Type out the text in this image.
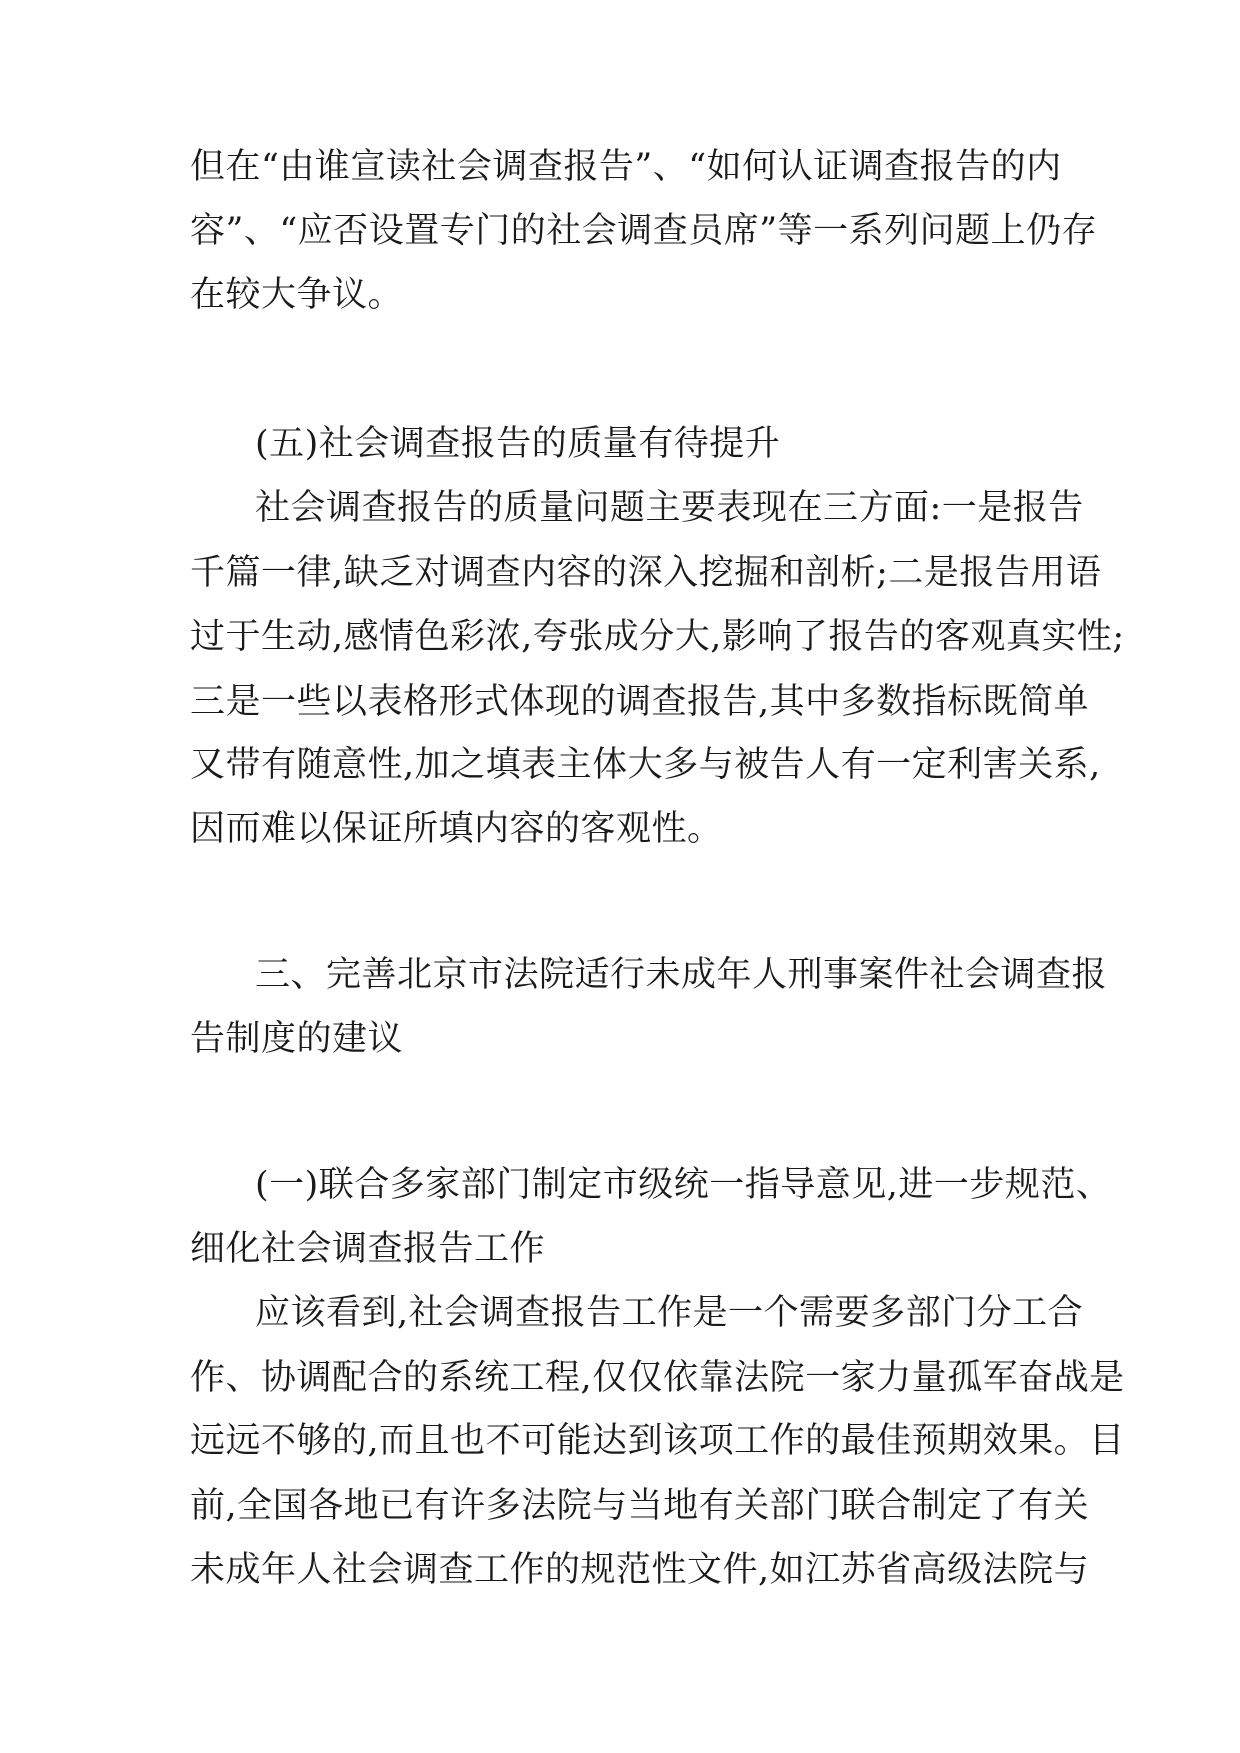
但在“由谁宣读社会调查报告”、“如何认证调查报告的内
容”、“应否设置专门的社会调查员席”等一系列问题上仍存
在较大争议。
(五)社会调查报告的质量有待提升
社会调查报告的质量问题主要表现在三方面:一是报告
千篇一律,缺乏对调查内容的深入挖掘和剖析;二是报告用语
过于生动,感情色彩浓,夸张成分大,影响了报告的客观真实性;
三是一些以表格形式体现的调查报告,其中多数指标既简单
又带有随意性,加之填表主体大多与被告人有一定利害关系,
因而难以保证所填内容的客观性。
三、完善北京市法院适行未成年人刑事案件社会调查报
告制度的建议
(一)联合多家部门制定市级统一指导意见,进一步规范、
细化社会调查报告工作
应该看到,社会调查报告工作是一个需要多部门分工合
作、协调配合的系统工程,仅仅依靠法院一家力量孤军奋战是
远远不够的,而且也不可能达到该项工作的最佳预期效果。目
前,全国各地已有许多法院与当地有关部门联合制定了有关
未成年人社会调查工作的规范性文件,如江苏省高级法院与
